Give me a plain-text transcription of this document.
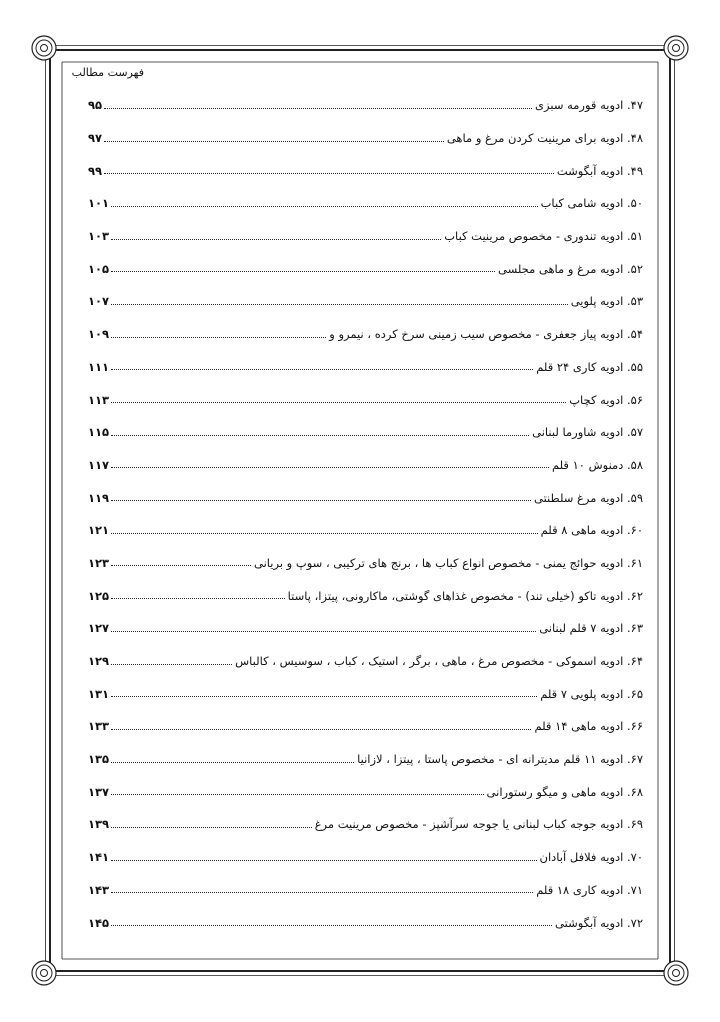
فهرست مطالب
۴۷. ادویه قورمه سبزی
۹۵
۴۸. ادویه برای مرینیت کردن مرغ و ماهی
۹۷
۴۹. ادویه آبگوشت
۹۹
۵۰. ادویه شامی کباب
۱۰۱
۵۱. ادویه تندوری - مخصوص مرینیت کباب
۱۰۳
۵۲. ادویه مرغ و ماهی مجلسی
۱۰۵
۵۳. ادویه پلویی
۱۰۷
۵۴. ادویه پیاز جعفری - مخصوص سیب زمینی سرخ کرده ، نیمرو و
۱۰۹
۵۵. ادویه کاری ۲۴ قلم
۱۱۱
۵۶. ادویه کچاپ
۱۱۳
۵۷. ادویه شاورما لبنانی
۱۱۵
۵۸. دمنوش ۱۰ قلم
۱۱۷
۵۹. ادویه مرغ سلطنتی
۱۱۹
۶۰. ادویه ماهی ۸ قلم
۱۲۱
۶۱. ادویه حوائج یمنی - مخصوص انواع کباب ها ، برنج های ترکیبی ، سوپ و بریانی
۱۲۳
۶۲. ادویه تاکو (خیلی تند) - مخصوص غذاهای گوشتی، ماکارونی، پیتزا، پاستا
۱۲۵
۶۳. ادویه ۷ قلم لبنانی
۱۲۷
۶۴. ادویه اسموکی - مخصوص مرغ ، ماهی ، برگر ، استیک ، کباب ، سوسیس ، کالباس
۱۲۹
۶۵. ادویه پلویی ۷ قلم
۱۳۱
۶۶. ادویه ماهی ۱۴ قلم
۱۳۳
۶۷. ادویه ۱۱ قلم مدیترانه ای - مخصوص پاستا ، پیتزا ، لازانیا
۱۳۵
۶۸. ادویه ماهی و میگو رستورانی
۱۳۷
۶۹. ادویه جوجه کباب لبنانی یا جوجه سرآشپز - مخصوص مرینیت مرغ
۱۳۹
۷۰. ادویه فلافل آبادان
۱۴۱
۷۱. ادویه کاری ۱۸ قلم
۱۴۳
۷۲. ادویه آبگوشتی
۱۴۵
